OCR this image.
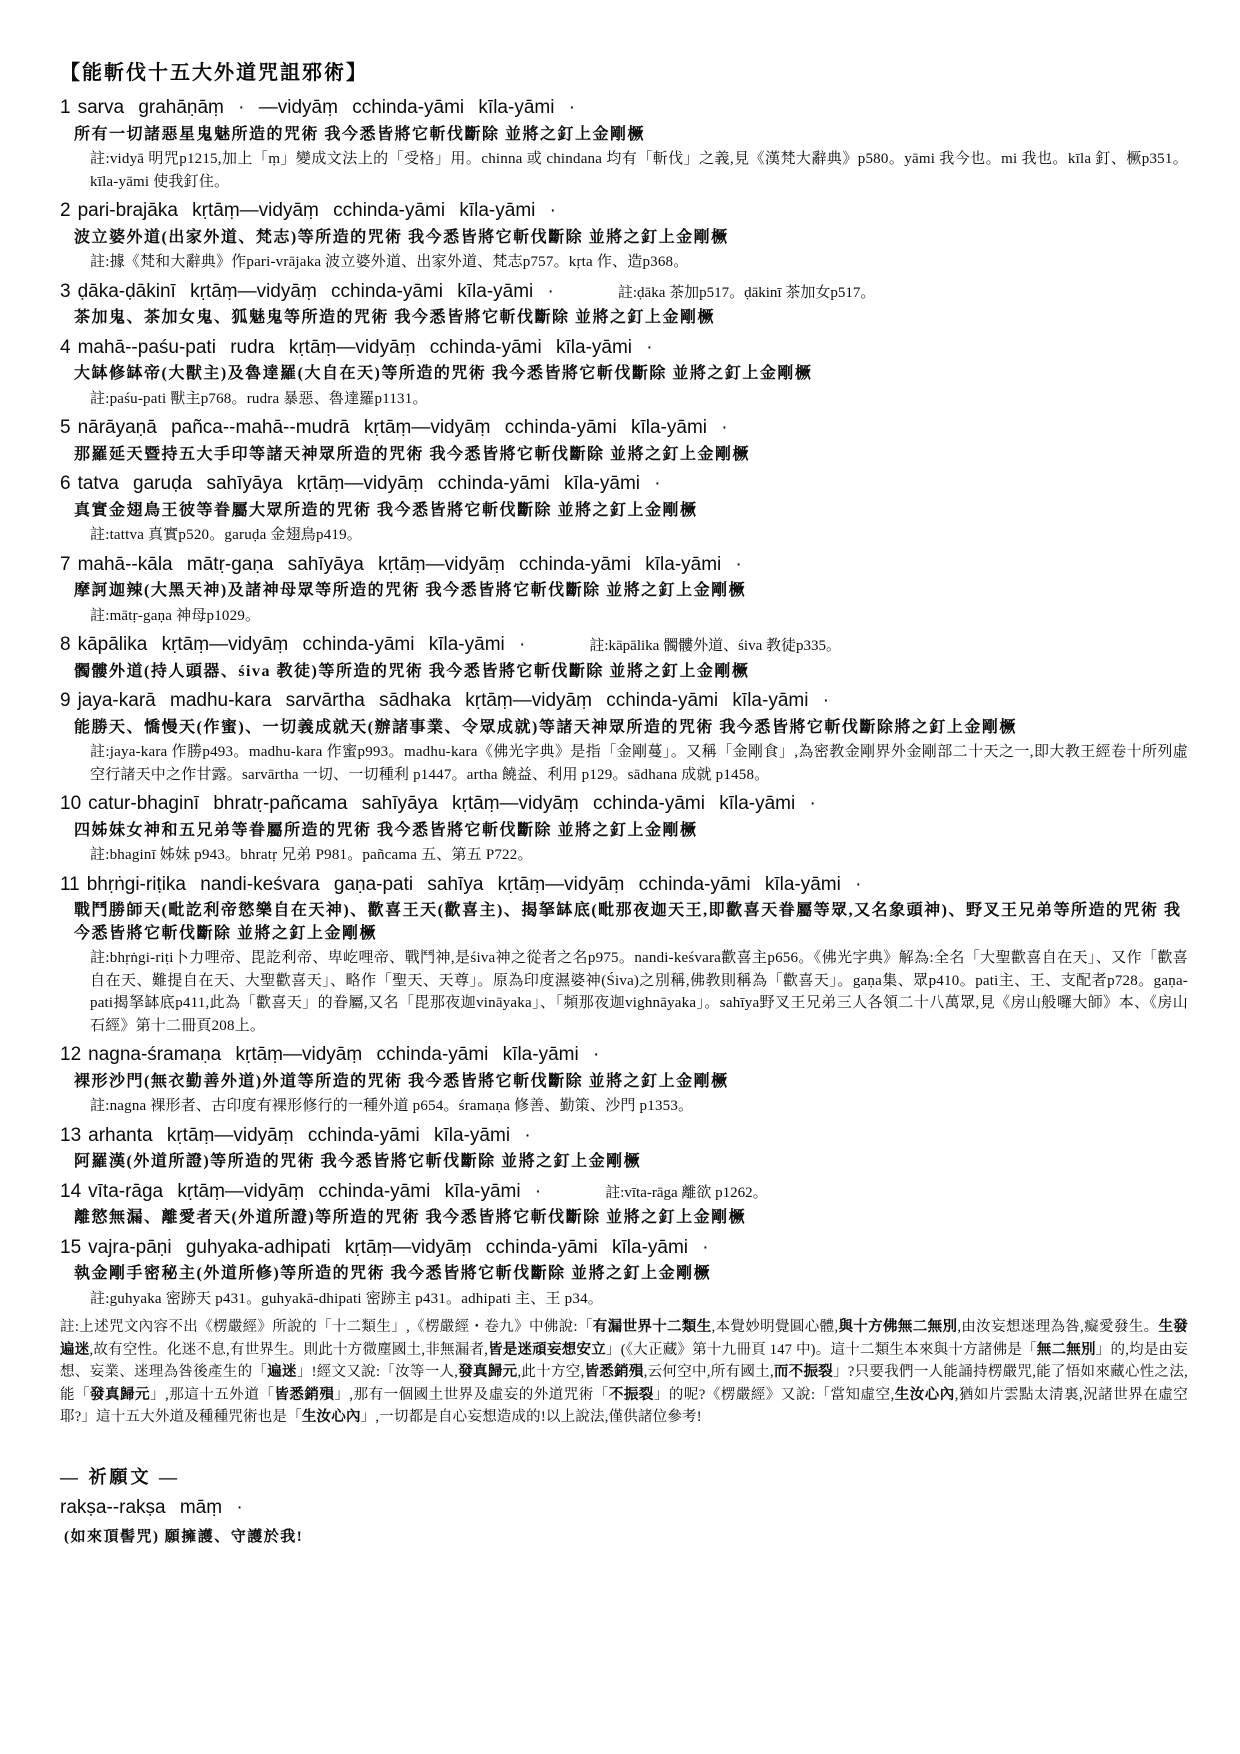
【能斬伐十五大外道咒詛邪術】
1 sarva grahāṇāṃ · —vidyāṃ cchinda-yāmi kīla-yāmi ·
所有一切諸惡星鬼魅所造的咒術 我今悉皆將它斬伐斷除 並將之釘上金剛橛
註:vidyā 明咒p1215,加上「ṃ」變成文法上的「受格」用。chinna 或 chindana 均有「斬伐」之義,見《漢梵大辭典》p580。yāmi 我今也。mi 我也。kīla 釘、橛p351。kīla-yāmi 使我釘住。
2 pari-brajāka kṛtāṃ—vidyāṃ cchinda-yāmi kīla-yāmi ·
波立婆外道(出家外道、梵志)等所造的咒術 我今悉皆將它斬伐斷除 並將之釘上金剛橛
註:據《梵和大辭典》作pari-vrājaka 波立婆外道、出家外道、梵志p757。kṛta 作、造p368。
3 ḍāka-ḍākinī kṛtāṃ—vidyāṃ cchinda-yāmi kīla-yāmi ·	註:ḍāka 茶加p517。ḍākinī 茶加女p517。
茶加鬼、茶加女鬼、狐魅鬼等所造的咒術 我今悉皆將它斬伐斷除 並將之釘上金剛橛
4 mahā--paśu-pati rudra kṛtāṃ—vidyāṃ cchinda-yāmi kīla-yāmi ·
大缽修缽帝(大獸主)及魯達羅(大自在天)等所造的咒術 我今悉皆將它斬伐斷除 並將之釘上金剛橛
註:paśu-pati 獸主p768。rudra 暴惡、魯達羅p1131。
5 nārāyaṇā pañca--mahā--mudrā kṛtāṃ—vidyāṃ cchinda-yāmi kīla-yāmi ·
那羅延天暨持五大手印等諸天神眾所造的咒術 我今悉皆將它斬伐斷除 並將之釘上金剛橛
6 tatva garuḍa sahīyāya kṛtāṃ—vidyāṃ cchinda-yāmi kīla-yāmi ·
真實金翅鳥王彼等眷屬大眾所造的咒術 我今悉皆將它斬伐斷除 並將之釘上金剛橛
註:tattva 真實p520。garuḍa 金翅鳥p419。
7 mahā--kāla mātṛ-gaṇa sahīyāya kṛtāṃ—vidyāṃ cchinda-yāmi kīla-yāmi ·
摩訶迦辣(大黑天神)及諸神母眾等所造的咒術 我今悉皆將它斬伐斷除 並將之釘上金剛橛
註:mātṛ-gaṇa 神母p1029。
8 kāpālika kṛtāṃ—vidyāṃ cchinda-yāmi kīla-yāmi ·	註:kāpālika 髑髏外道、śiva 教徒p335。
髑髏外道(持人頭器、śiva 教徒)等所造的咒術 我今悉皆將它斬伐斷除 並將之釘上金剛橛
9 jaya-karā madhu-kara sarvārtha sādhaka kṛtāṃ—vidyāṃ cchinda-yāmi kīla-yāmi ·
能勝天、憍慢天(作蜜)、一切義成就天(辦諸事業、令眾成就)等諸天神眾所造的咒術 我今悉皆將它斬伐斷除將之釘上金剛橛
註:jaya-kara 作勝p493。madhu-kara 作蜜p993。madhu-kara《佛光字典》是指「金剛蔓」。又稱「金剛食」,為密教金剛界外金剛部二十天之一,即大教王經卷十所列虛空行諸天中之作甘露。sarvārtha 一切、一切種利 p1447。artha 饒益、利用 p129。sādhana 成就 p1458。
10 catur-bhaginī bhratṛ-pañcama sahīyāya kṛtāṃ—vidyāṃ cchinda-yāmi kīla-yāmi ·
四姊妹女神和五兄弟等眷屬所造的咒術 我今悉皆將它斬伐斷除 並將之釘上金剛橛
註:bhaginī 姊妹 p943。bhratṛ 兄弟 P981。pañcama 五、第五 P722。
11 bhṛṅgi-riṭika nandi-keśvara gaṇa-pati sahīya kṛtāṃ—vidyāṃ cchinda-yāmi kīla-yāmi ·
戰鬥勝師天(毗訖利帝慾樂自在天神)、歡喜王天(歡喜主)、揭拏缽底(毗那夜迦天王,即歡喜天眷屬等眾,又名象頭神)、野叉王兄弟等所造的咒術 我今悉皆將它斬伐斷除 並將之釘上金剛橛
註:bhṛṅgi-riṭi卜力哩帝、毘訖利帝、卑屹哩帝、戰鬥神,是śiva神之從者之名p975。nandi-keśvara歡喜主p656。《佛光字典》解為:全名「大聖歡喜自在天」、又作「歡喜自在天、難提自在天、大聖歡喜天」、略作「聖天、天尊」。原為印度濕婆神(Śiva)之別稱,佛教則稱為「歡喜天」。gaṇa集、眾p410。pati主、王、支配者p728。gaṇa-pati揭拏缽底p411,此為「歡喜天」的眷屬,又名「毘那夜迦vināyaka」、「頻那夜迦vighnāyaka」。sahīya野叉王兄弟三人各領二十八萬眾,見《房山般囉大師》本、《房山石經》第十二冊頁208上。
12 nagna-śramaṇa kṛtāṃ—vidyāṃ cchinda-yāmi kīla-yāmi ·
裸形沙門(無衣勤善外道)外道等所造的咒術 我今悉皆將它斬伐斷除 並將之釘上金剛橛
註:nagna 裸形者、古印度有裸形修行的一種外道 p654。śramaṇa 修善、勤策、沙門 p1353。
13 arhanta kṛtāṃ—vidyāṃ cchinda-yāmi kīla-yāmi ·
阿羅漢(外道所證)等所造的咒術 我今悉皆將它斬伐斷除 並將之釘上金剛橛
14 vīta-rāga kṛtāṃ—vidyāṃ cchinda-yāmi kīla-yāmi ·	註:vīta-rāga 離欲 p1262。
離慾無漏、離愛者天(外道所證)等所造的咒術 我今悉皆將它斬伐斷除 並將之釘上金剛橛
15 vajra-pāṇi guhyaka-adhipati kṛtāṃ—vidyāṃ cchinda-yāmi kīla-yāmi ·
執金剛手密秘主(外道所修)等所造的咒術 我今悉皆將它斬伐斷除 並將之釘上金剛橛
註:guhyaka 密跡天 p431。guhyakā-dhipati 密跡主 p431。adhipati 主、王 p34。
註:上述咒文內容不出《楞嚴經》所說的「十二類生」,《楞嚴經・卷九》中佛說:「有漏世界十二類生,本覺妙明覺圓心體,與十方佛無二無別,由汝妄想迷理為咎,癡愛發生。生發遍迷,故有空性。化迷不息,有世界生。則此十方微塵國土,非無漏者,皆是迷頑妄想安立」(《大正藏》第十九冊頁 147 中)。這十二類生本來與十方諸佛是「無二無別」的,均是由妄想、妄業、迷理為咎後產生的「遍迷」!經文又說:「汝等一人,發真歸元,此十方空,皆悉銷殞,云何空中,所有國土,而不振裂」?只要我們一人能誦持楞嚴咒,能了悟如來藏心性之法,能「發真歸元」,那這十五外道「皆悉銷殞」,那有一個國土世界及虛妄的外道咒術「不振裂」的呢?《楞嚴經》又說:「當知虛空,生汝心內,猶如片雲點太清裏,況諸世界在虛空耶?」這十五大外道及種種咒術也是「生汝心內」,一切都是自心妄想造成的!以上說法,僅供諸位參考!
— 祈願文 —
rakṣa--rakṣa māṃ ·
(如來頂髻咒) 願擁護、守護於我!
